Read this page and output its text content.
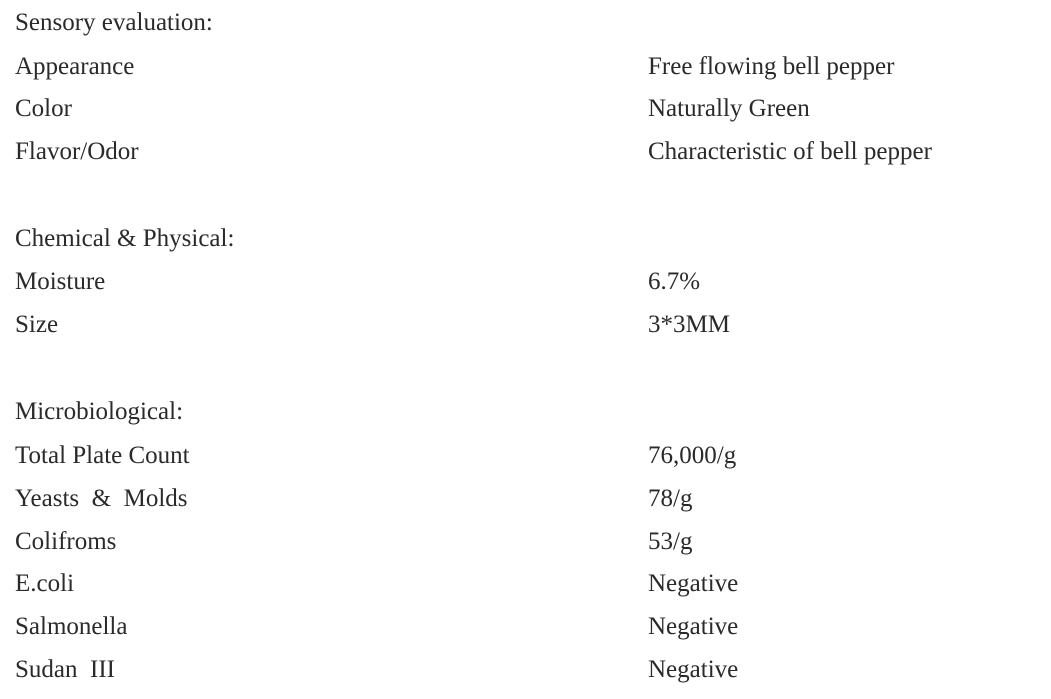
Sensory evaluation:
Appearance	Free flowing bell pepper
Color	Naturally Green
Flavor/Odor	Characteristic of bell pepper
Chemical & Physical:
Moisture	6.7%
Size	3*3MM
Microbiological:
Total Plate Count	76,000/g
Yeasts  &  Molds	78/g
Colifroms	53/g
E.coli	Negative
Salmonella	Negative
Sudan  III	Negative
